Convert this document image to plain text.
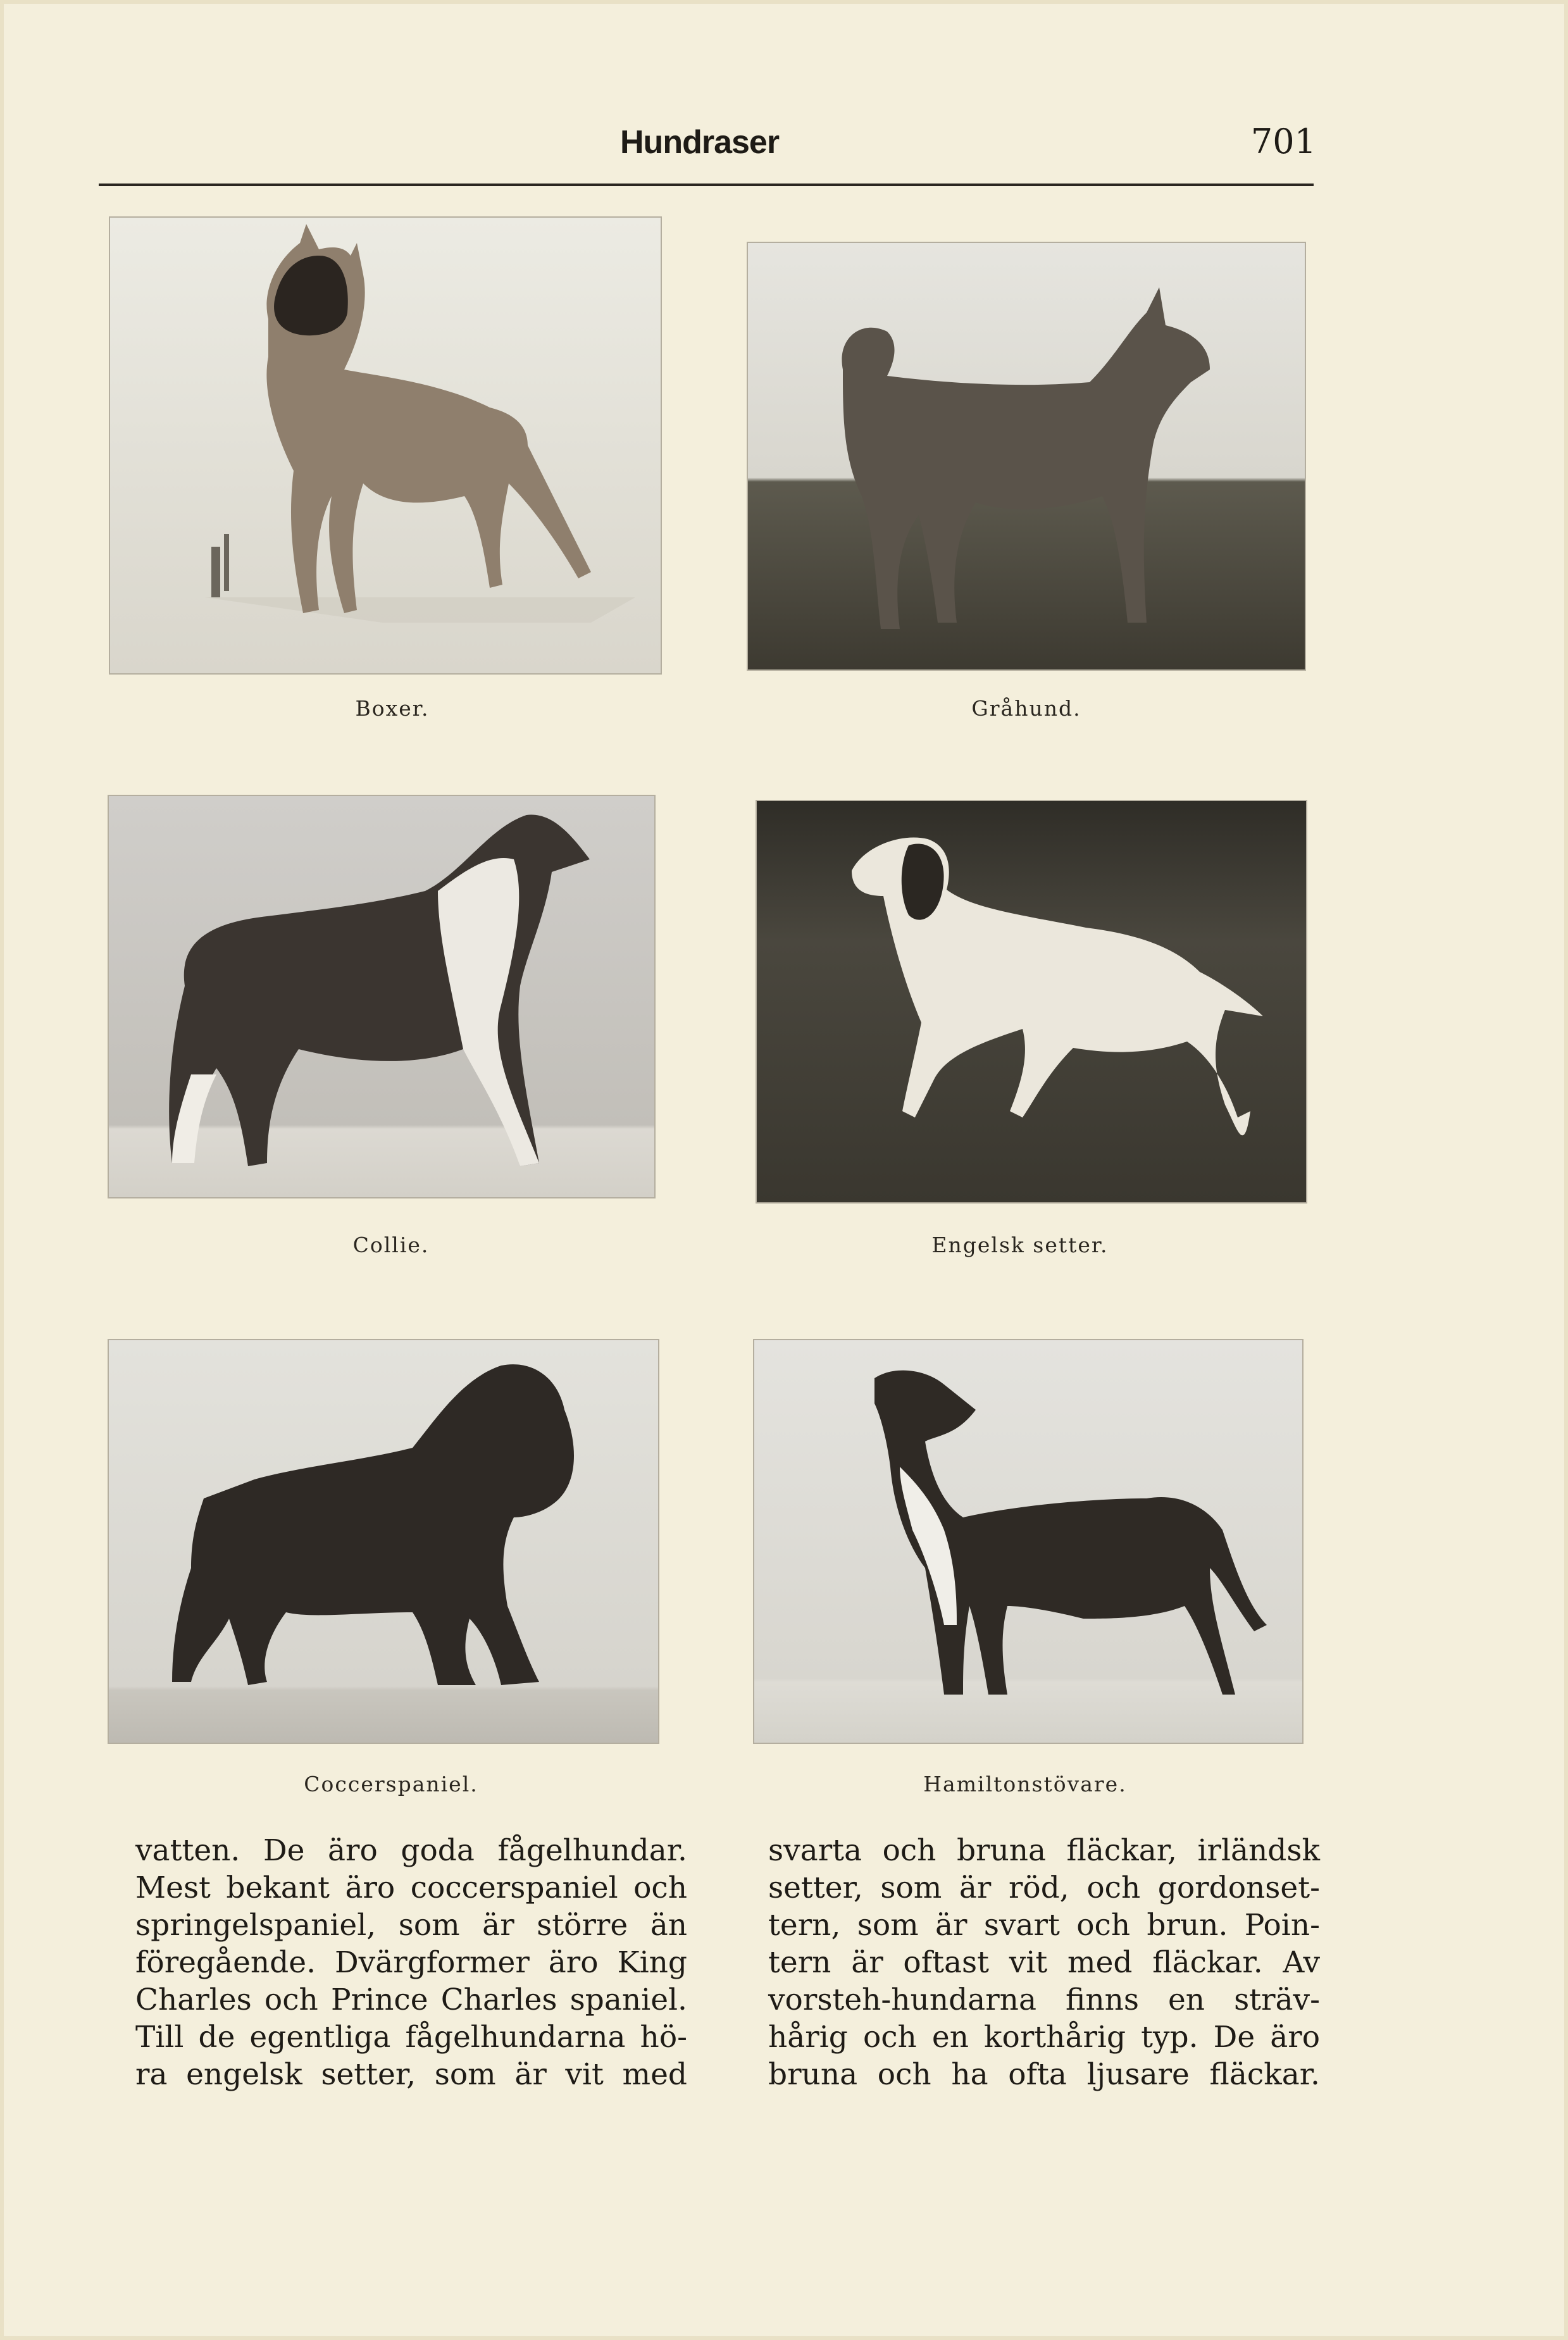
Hundraser	701
Boxer.	Gråhund.
Collie.	Engelsk setter.
Coccerspaniel.	Hamiltonstövare.
vatten. De äro goda fågelhundar.
Mest bekant äro coccerspaniel och
springelspaniel, som är större än
föregående. Dvärgformer äro King
Charles och Prince Charles spaniel.
Till de egentliga fågelhundarna hö-
ra engelsk setter, som är vit med
svarta och bruna fläckar, irländsk
setter, som är röd, och gordonset-
tern, som är svart och brun. Poin-
tern är oftast vit med fläckar. Av
vorsteh-hundarna finns en sträv-
hårig och en korthårig typ. De äro
bruna och ha ofta ljusare fläckar.
